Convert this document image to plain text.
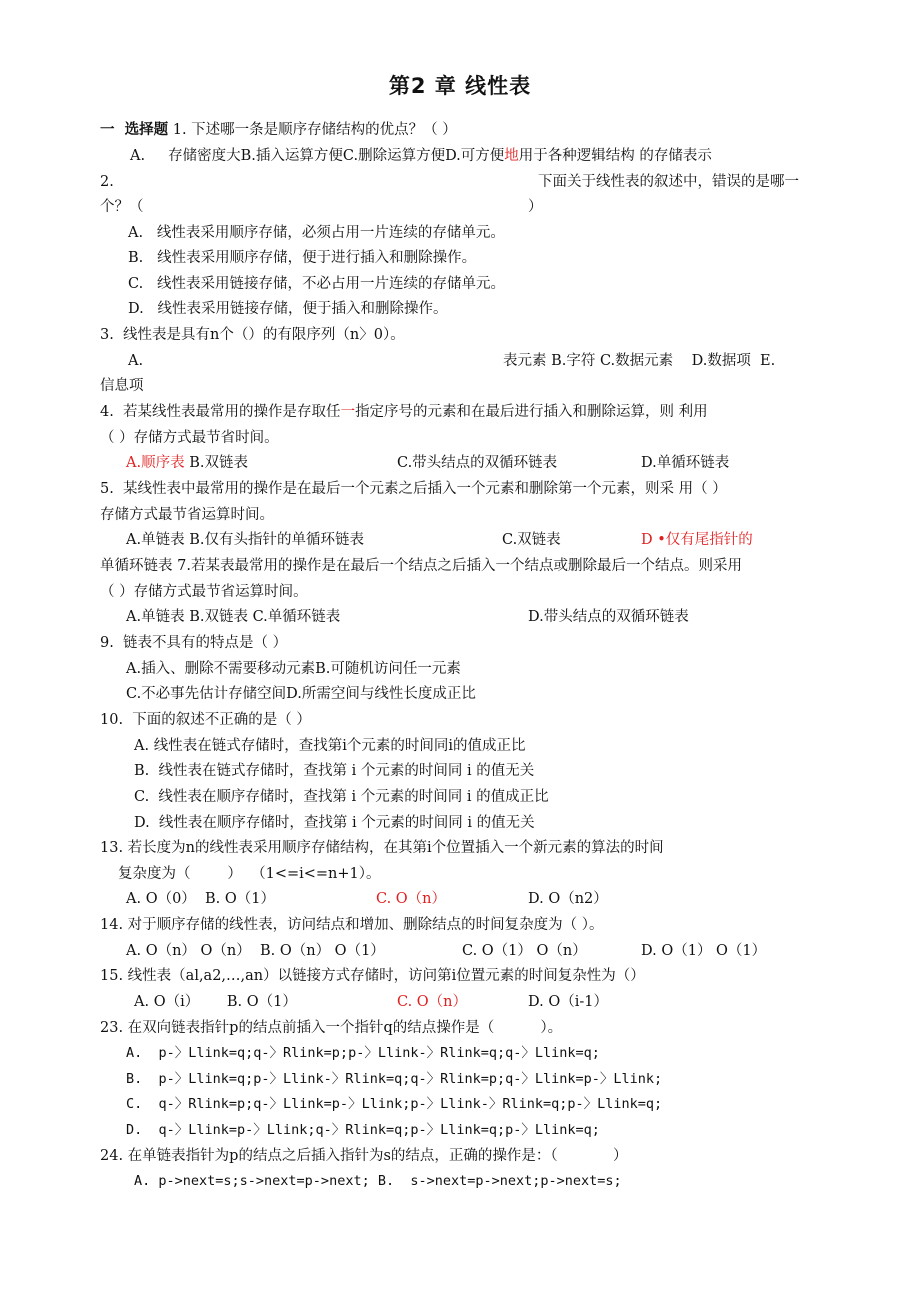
第2 章 线性表
一  选择题 1. 下述哪一条是顺序存储结构的优点？（ ）
A.     存储密度大B.插入运算方便C.删除运算方便D.可方便地用于各种逻辑结构 的存储表示
2.	下面关于线性表的叙述中，错误的是哪一
个？（	）
A.   线性表采用顺序存储，必须占用一片连续的存储单元。
B.   线性表采用顺序存储，便于进行插入和删除操作。
C.   线性表采用链接存储，不必占用一片连续的存储单元。
D.   线性表采用链接存储，便于插入和删除操作。
3.  线性表是具有n个（）的有限序列（n〉0）。
A.	表元素 B.字符 C.数据元素    D.数据项  E.
信息项
4.  若某线性表最常用的操作是存取任一指定序号的元素和在最后进行插入和删除运算，则 利用
（ ）存储方式最节省时间。
A.顺序表 B.双链表	C.带头结点的双循环链表	D.单循环链表
5.  某线性表中最常用的操作是在最后一个元素之后插入一个元素和删除第一个元素，则采 用（ ）
存储方式最节省运算时间。
A.单链表 B.仅有头指针的单循环链表	C.双链表	D •仅有尾指针的
单循环链表 7.若某表最常用的操作是在最后一个结点之后插入一个结点或删除最后一个结点。则采用
（ ）存储方式最节省运算时间。
A.单链表 B.双链表 C.单循环链表	D.带头结点的双循环链表
9.  链表不具有的特点是（ ）
A.插入、删除不需要移动元素B.可随机访问任一元素
C.不必事先估计存储空间D.所需空间与线性长度成正比
10.  下面的叙述不正确的是（ ）
A. 线性表在链式存储时，查找第i个元素的时间同i的值成正比
B.  线性表在链式存储时，查找第 i 个元素的时间同 i 的值无关
C.  线性表在顺序存储时，查找第 i 个元素的时间同 i 的值成正比
D.  线性表在顺序存储时，查找第 i 个元素的时间同 i 的值无关
13. 若长度为n的线性表采用顺序存储结构，在其第i个位置插入一个新元素的算法的时间
复杂度为（        ）  （1<=i<=n+1）。
A. O（0）  B. O（1）	C. O（n）	D. O（n2）
14. 对于顺序存储的线性表，访问结点和增加、删除结点的时间复杂度为（ ）。
A. O（n） O（n）  B. O（n） O（1）	C. O（1） O（n）	D. O（1） O（1）
15. 线性表（al,a2,…,an）以链接方式存储时，访问第i位置元素的时间复杂性为（）
A. O（i）      B. O（1）	C. O（n）	D. O（i-1）
23. 在双向链表指针p的结点前插入一个指针q的结点操作是（          ）。
A.  p-〉Llink=q;q-〉Rlink=p;p-〉Llink-〉Rlink=q;q-〉Llink=q;
B.  p-〉Llink=q;p-〉Llink-〉Rlink=q;q-〉Rlink=p;q-〉Llink=p-〉Llink;
C.  q-〉Rlink=p;q-〉Llink=p-〉Llink;p-〉Llink-〉Rlink=q;p-〉Llink=q;
D.  q-〉Llink=p-〉Llink;q-〉Rlink=q;p-〉Llink=q;p-〉Llink=q;
24. 在单链表指针为p的结点之后插入指针为s的结点，正确的操作是：（            ）
A. p->next=s;s->next=p->next; B.  s->next=p->next;p->next=s;
